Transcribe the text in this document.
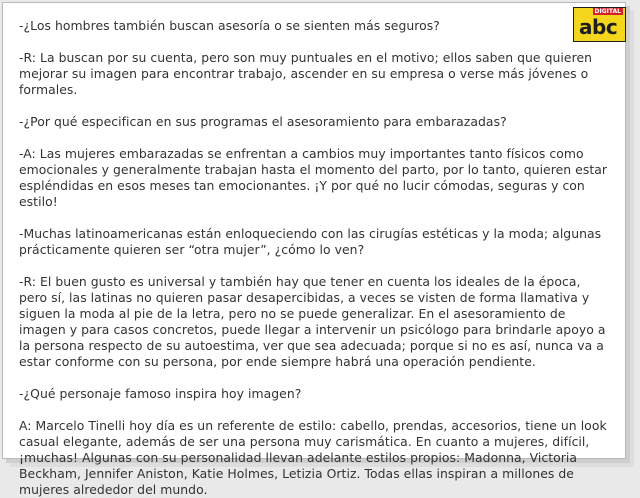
DIGITAL
abc

-¿Los hombres también buscan asesoría o se sienten más seguros?

-R: La buscan por su cuenta, pero son muy puntuales en el motivo; ellos saben que quieren mejorar su imagen para encontrar trabajo, ascender en su empresa o verse más jóvenes o formales.

-¿Por qué especifican en sus programas el asesoramiento para embarazadas?

-A: Las mujeres embarazadas se enfrentan a cambios muy importantes tanto físicos como emocionales y generalmente trabajan hasta el momento del parto, por lo tanto, quieren estar espléndidas en esos meses tan emocionantes. ¡Y por qué no lucir cómodas, seguras y con estilo!

-Muchas latinoamericanas están enloqueciendo con las cirugías estéticas y la moda; algunas prácticamente quieren ser “otra mujer”, ¿cómo lo ven?

-R: El buen gusto es universal y también hay que tener en cuenta los ideales de la época, pero sí, las latinas no quieren pasar desapercibidas, a veces se visten de forma llamativa y siguen la moda al pie de la letra, pero no se puede generalizar. En el asesoramiento de imagen y para casos concretos, puede llegar a intervenir un psicólogo para brindarle apoyo a la persona respecto de su autoestima, ver que sea adecuada; porque si no es así, nunca va a estar conforme con su persona, por ende siempre habrá una operación pendiente.

-¿Qué personaje famoso inspira hoy imagen?

A: Marcelo Tinelli hoy día es un referente de estilo: cabello, prendas, accesorios, tiene un look casual elegante, además de ser una persona muy carismática. En cuanto a mujeres, difícil, ¡muchas! Algunas con su personalidad llevan adelante estilos propios: Madonna, Victoria Beckham, Jennifer Aniston, Katie Holmes, Letizia Ortiz. Todas ellas inspiran a millones de mujeres alrededor del mundo.
